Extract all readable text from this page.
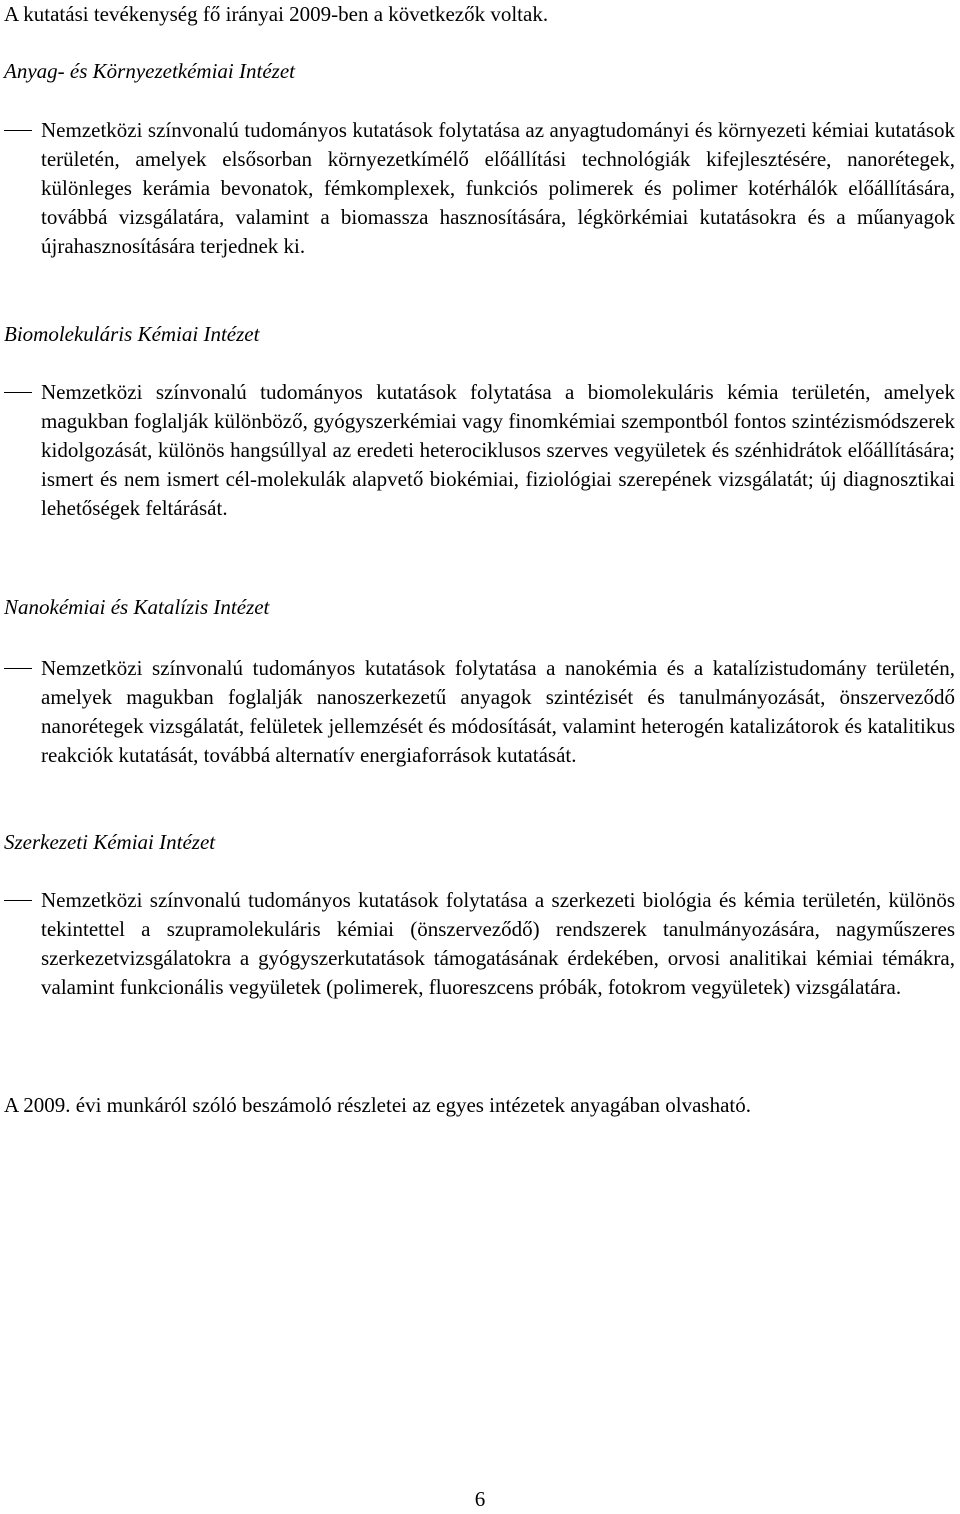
A kutatási tevékenység fő irányai 2009-ben a következők voltak.

Anyag- és Környezetkémiai Intézet

Nemzetközi színvonalú tudományos kutatások folytatása az anyagtudományi és környezeti kémiai kutatások területén, amelyek elsősorban környezetkímélő előállítási technológiák kifejlesztésére, nanorétegek, különleges kerámia bevonatok, fémkomplexek, funkciós polimerek és polimer kotérhálók előállítására, továbbá vizsgálatára, valamint a biomassza hasznosítására, légkörkémiai kutatásokra és a műanyagok újrahasznosítására terjednek ki.

Biomolekuláris Kémiai Intézet

Nemzetközi színvonalú tudományos kutatások folytatása a biomolekuláris kémia területén, amelyek magukban foglalják különböző, gyógyszerkémiai vagy finomkémiai szempontból fontos szintézismódszerek kidolgozását, különös hangsúllyal az eredeti heterociklusos szerves vegyületek és szénhidrátok előállítására; ismert és nem ismert cél-molekulák alapvető biokémiai, fiziológiai szerepének vizsgálatát; új diagnosztikai lehetőségek feltárását.

Nanokémiai és Katalízis Intézet

Nemzetközi színvonalú tudományos kutatások folytatása a nanokémia és a katalízistudomány területén, amelyek magukban foglalják nanoszerkezetű anyagok szintézisét és tanulmányozását, önszerveződő nanorétegek vizsgálatát, felületek jellemzését és módosítását, valamint heterogén katalizátorok és katalitikus reakciók kutatását, továbbá alternatív energiaforrások kutatását.

Szerkezeti Kémiai Intézet

Nemzetközi színvonalú tudományos kutatások folytatása a szerkezeti biológia és kémia területén, különös tekintettel a szupramolekuláris kémiai (önszerveződő) rendszerek tanulmányozására, nagyműszeres szerkezetvizsgálatokra a gyógyszerkutatások támogatásának érdekében, orvosi analitikai kémiai témákra, valamint funkcionális vegyületek (polimerek, fluoreszcens próbák, fotokrom vegyületek) vizsgálatára.

A 2009. évi munkáról szóló beszámoló részletei az egyes intézetek anyagában olvasható.

6
